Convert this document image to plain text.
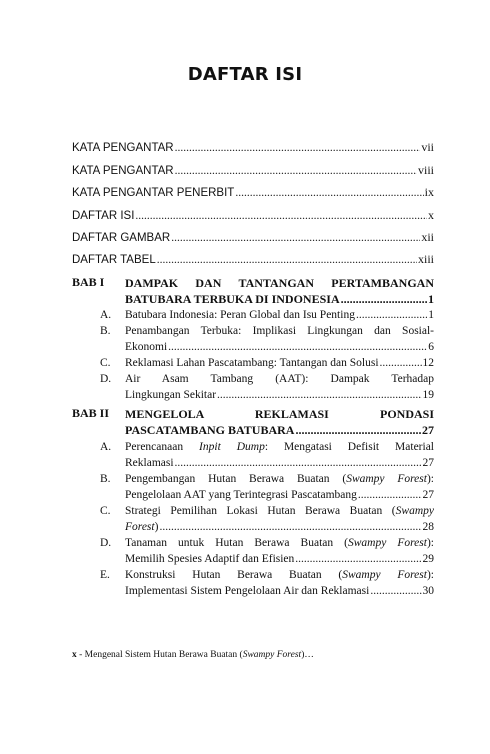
DAFTAR ISI
KATA PENGANTAR .....	vii
KATA PENGANTAR .....	viii
KATA PENGANTAR PENERBIT .....	ix
DAFTAR ISI .....	x
DAFTAR GAMBAR .....	xii
DAFTAR TABEL .....	xiii
BAB I DAMPAK DAN TANTANGAN PERTAMBANGAN
BATUBARA TERBUKA DI INDONESIA .....	1
A. Batubara Indonesia: Peran Global dan Isu Penting .....	1
B. Penambangan Terbuka: Implikasi Lingkungan dan Sosial-
Ekonomi .....	6
C. Reklamasi Lahan Pascatambang: Tantangan dan Solusi .....	12
D. Air Asam Tambang (AAT): Dampak Terhadap
Lingkungan Sekitar .....	19
BAB II MENGELOLA REKLAMASI PONDASI
PASCATAMBANG BATUBARA .....	27
A. Perencanaan Inpit Dump: Mengatasi Defisit Material
Reklamasi .....	27
B. Pengembangan Hutan Berawa Buatan (Swampy Forest):
Pengelolaan AAT yang Terintegrasi Pascatambang .....	27
C. Strategi Pemilihan Lokasi Hutan Berawa Buatan (Swampy
Forest) .....	28
D. Tanaman untuk Hutan Berawa Buatan (Swampy Forest):
Memilih Spesies Adaptif dan Efisien .....	29
E. Konstruksi Hutan Berawa Buatan (Swampy Forest):
Implementasi Sistem Pengelolaan Air dan Reklamasi .....	30
x - Mengenal Sistem Hutan Berawa Buatan (Swampy Forest)…
